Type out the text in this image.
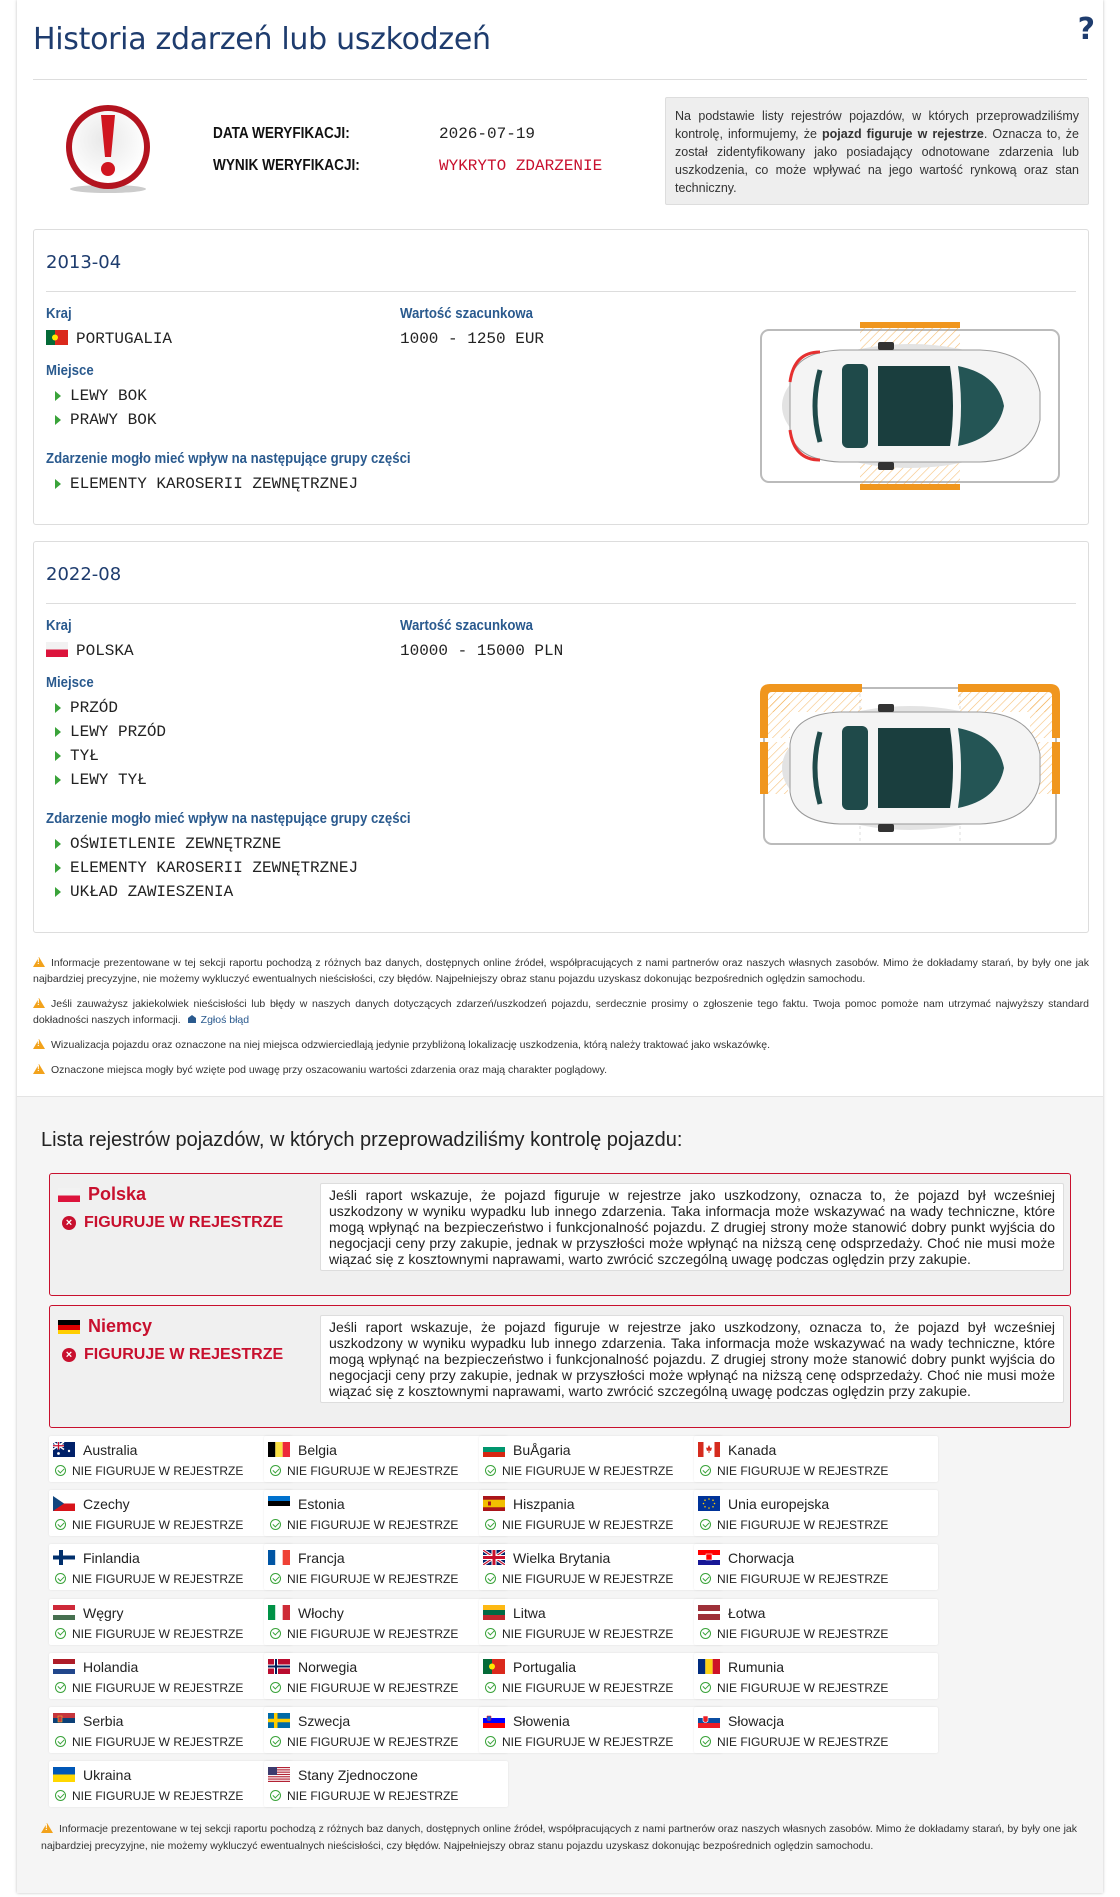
?
Historia zdarzeń lub uszkodzeń
DATA WERYFIKACJI:	2026-07-19
WYNIK WERYFIKACJI:	WYKRYTO ZDARZENIE
Na podstawie listy rejestrów pojazdów, w których przeprowadziliśmy kontrolę, informujemy, że pojazd figuruje w rejestrze. Oznacza to, że został zidentyfikowany jako posiadający odnotowane zdarzenia lub uszkodzenia, co może wpływać na jego wartość rynkową oraz stan techniczny.
2013-04
Kraj
PORTUGALIA
Wartość szacunkowa
1000 - 1250 EUR
Miejsce
LEWY BOK
PRAWY BOK
Zdarzenie mogło mieć wpływ na następujące grupy części
ELEMENTY KAROSERII ZEWNĘTRZNEJ
2022-08
Kraj
POLSKA
Wartość szacunkowa
10000 - 15000 PLN
Miejsce
PRZÓD
LEWY PRZÓD
TYŁ
LEWY TYŁ
Zdarzenie mogło mieć wpływ na następujące grupy części
OŚWIETLENIE ZEWNĘTRZNE
ELEMENTY KAROSERII ZEWNĘTRZNEJ
UKŁAD ZAWIESZENIA

!Informacje prezentowane w tej sekcji raportu pochodzą z różnych baz danych, dostępnych online źródeł, współpracujących z nami partnerów oraz naszych własnych zasobów. Mimo że dokładamy starań, by były one jak najbardziej precyzyjne, nie możemy wykluczyć ewentualnych nieścisłości, czy błędów. Najpełniejszy obraz stanu pojazdu uzyskasz dokonując bezpośrednich oględzin samochodu.

!Jeśli zauważysz jakiekolwiek nieścisłości lub błędy w naszych danych dotyczących zdarzeń/uszkodzeń pojazdu, serdecznie prosimy o zgłoszenie tego faktu. Twoja pomoc pomoże nam utrzymać najwyższy standard dokładności naszych informacji. Zgłoś błąd

!Wizualizacja pojazdu oraz oznaczone na niej miejsca odzwierciedlają jedynie przybliżoną lokalizację uszkodzenia, którą należy traktować jako wskazówkę.

!Oznaczone miejsca mogły być wzięte pod uwagę przy oszacowaniu wartości zdarzenia oraz mają charakter poglądowy.

Lista rejestrów pojazdów, w których przeprowadziliśmy kontrolę pojazdu:
Polska
× FIGURUJE W REJESTRZE
Jeśli raport wskazuje, że pojazd figuruje w rejestrze jako uszkodzony, oznacza to, że pojazd był wcześniej uszkodzony w wyniku wypadku lub innego zdarzenia. Taka informacja może wskazywać na wady techniczne, które mogą wpłynąć na bezpieczeństwo i funkcjonalność pojazdu. Z drugiej strony może stanowić dobry punkt wyjścia do negocjacji ceny przy zakupie, jednak w przyszłości może wpłynąć na niższą cenę odsprzedaży. Choć nie musi może wiązać się z kosztownymi naprawami, warto zwrócić szczególną uwagę podczas oględzin przy zakupie.
Niemcy
× FIGURUJE W REJESTRZE
Jeśli raport wskazuje, że pojazd figuruje w rejestrze jako uszkodzony, oznacza to, że pojazd był wcześniej uszkodzony w wyniku wypadku lub innego zdarzenia. Taka informacja może wskazywać na wady techniczne, które mogą wpłynąć na bezpieczeństwo i funkcjonalność pojazdu. Z drugiej strony może stanowić dobry punkt wyjścia do negocjacji ceny przy zakupie, jednak w przyszłości może wpłynąć na niższą cenę odsprzedaży. Choć nie musi może wiązać się z kosztownymi naprawami, warto zwrócić szczególną uwagę podczas oględzin przy zakupie.
Australia
NIE FIGURUJE W REJESTRZE
Belgia
NIE FIGURUJE W REJESTRZE
BuÅgaria
NIE FIGURUJE W REJESTRZE
Kanada
NIE FIGURUJE W REJESTRZE
Czechy
NIE FIGURUJE W REJESTRZE
Estonia
NIE FIGURUJE W REJESTRZE
Hiszpania
NIE FIGURUJE W REJESTRZE
Unia europejska
NIE FIGURUJE W REJESTRZE
Finlandia
NIE FIGURUJE W REJESTRZE
Francja
NIE FIGURUJE W REJESTRZE
Wielka Brytania
NIE FIGURUJE W REJESTRZE
Chorwacja
NIE FIGURUJE W REJESTRZE
Węgry
NIE FIGURUJE W REJESTRZE
Włochy
NIE FIGURUJE W REJESTRZE
Litwa
NIE FIGURUJE W REJESTRZE
Łotwa
NIE FIGURUJE W REJESTRZE
Holandia
NIE FIGURUJE W REJESTRZE
Norwegia
NIE FIGURUJE W REJESTRZE
Portugalia
NIE FIGURUJE W REJESTRZE
Rumunia
NIE FIGURUJE W REJESTRZE
Serbia
NIE FIGURUJE W REJESTRZE
Szwecja
NIE FIGURUJE W REJESTRZE
Słowenia
NIE FIGURUJE W REJESTRZE
Słowacja
NIE FIGURUJE W REJESTRZE
Ukraina
NIE FIGURUJE W REJESTRZE
Stany Zjednoczone
NIE FIGURUJE W REJESTRZE
!Informacje prezentowane w tej sekcji raportu pochodzą z różnych baz danych, dostępnych online źródeł, współpracujących z nami partnerów oraz naszych własnych zasobów. Mimo że dokładamy starań, by były one jak najbardziej precyzyjne, nie możemy wykluczyć ewentualnych nieścisłości, czy błędów. Najpełniejszy obraz stanu pojazdu uzyskasz dokonując bezpośrednich oględzin samochodu.
